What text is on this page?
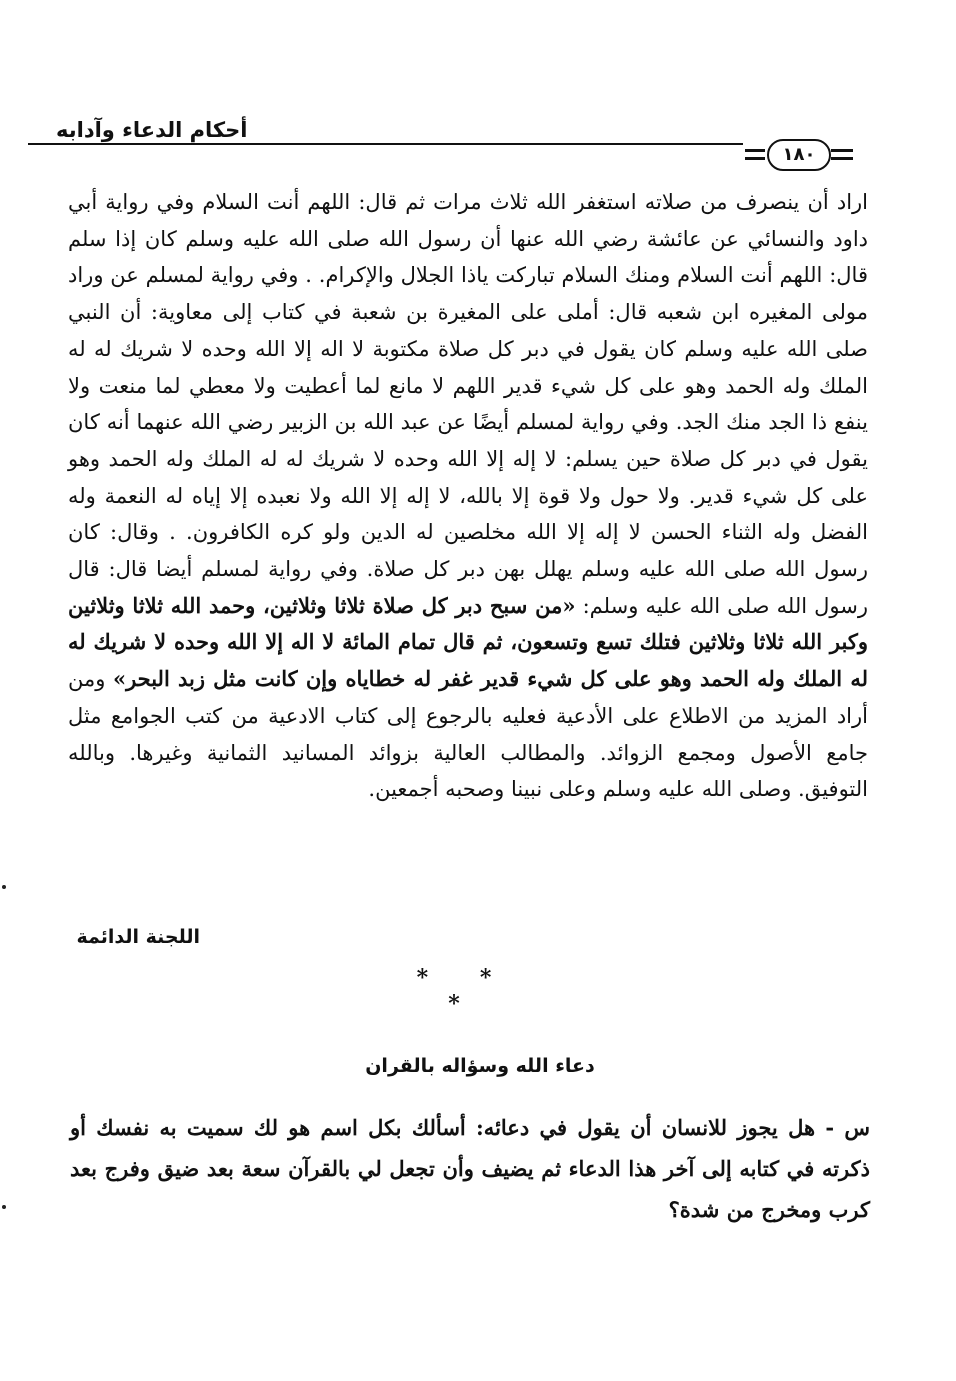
أحكام الدعاء وآدابه
١٨٠

اراد أن ينصرف من صلاته استغفر الله ثلاث مرات ثم قال: اللهم أنت السلام وفي رواية أبي داود والنسائي عن عائشة رضي الله عنها أن رسول الله صلى الله عليه وسلم كان إذا سلم قال: اللهم أنت السلام ومنك السلام تباركت ياذا الجلال والإكرام. . وفي رواية لمسلم عن وراد مولى المغيره ابن شعبه قال: أملى على المغيرة بن شعبة في كتاب إلى معاوية: أن النبي صلى الله عليه وسلم كان يقول في دبر كل صلاة مكتوبة لا اله إلا الله وحده لا شريك له له الملك وله الحمد وهو على كل شيء قدير اللهم لا مانع لما أعطيت ولا معطي لما منعت ولا ينفع ذا الجد منك الجد. وفي رواية لمسلم أيضًا عن عبد الله بن الزبير رضي الله عنهما أنه كان يقول في دبر كل صلاة حين يسلم: لا إله إلا الله وحده لا شريك له له الملك وله الحمد وهو على كل شيء قدير. ولا حول ولا قوة إلا بالله، لا إله إلا الله ولا نعبده إلا إياه له النعمة وله الفضل وله الثناء الحسن لا إله إلا الله مخلصين له الدين ولو كره الكافرون. . وقال: كان رسول الله صلى الله عليه وسلم يهلل بهن دبر كل صلاة. وفي رواية لمسلم أيضا قال: قال رسول الله صلى الله عليه وسلم: «من سبح دبر كل صلاة ثلاثا وثلاثين، وحمد الله ثلاثا وثلاثين وكبر الله ثلاثا وثلاثين فتلك تسع وتسعون، ثم قال تمام المائة لا اله إلا الله وحده لا شريك له له الملك وله الحمد وهو على كل شيء قدير غفر له خطاياه وإن كانت مثل زبد البحر» ومن أراد المزيد من الاطلاع على الأدعية فعليه بالرجوع إلى كتاب الادعية من كتب الجوامع مثل جامع الأصول ومجمع الزوائد. والمطالب العالية بزوائد المسانيد الثمانية وغيرها. وبالله التوفيق. وصلى الله عليه وسلم وعلى نبينا وصحبه أجمعين.

اللجنة الدائمة
* * *
دعاء الله وسؤاله بالقران

س - هل يجوز للانسان أن يقول في دعائه: أسألك بكل اسم هو لك سميت به نفسك أو ذكرته في كتابه إلى آخر هذا الدعاء ثم يضيف وأن تجعل لي بالقرآن سعة بعد ضيق وفرج بعد كرب ومخرج من شدة؟
